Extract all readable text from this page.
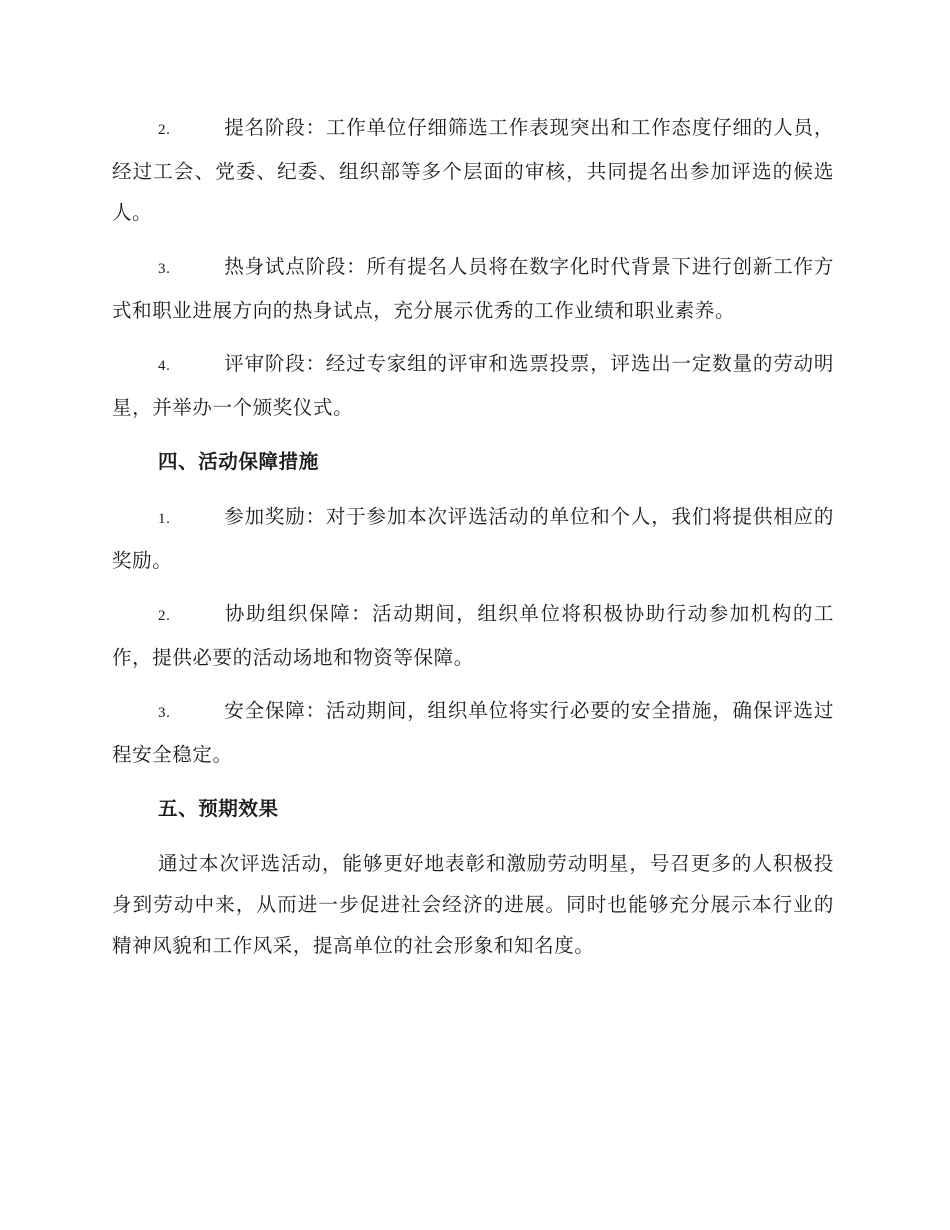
2.	提名阶段：工作单位仔细筛选工作表现突出和工作态度仔细的人员，经过工会、党委、纪委、组织部等多个层面的审核，共同提名出参加评选的候选人。
3.	热身试点阶段：所有提名人员将在数字化时代背景下进行创新工作方式和职业进展方向的热身试点，充分展示优秀的工作业绩和职业素养。
4.	评审阶段：经过专家组的评审和选票投票，评选出一定数量的劳动明星，并举办一个颁奖仪式。
四、活动保障措施
1.	参加奖励：对于参加本次评选活动的单位和个人，我们将提供相应的奖励。
2.	协助组织保障：活动期间，组织单位将积极协助行动参加机构的工作，提供必要的活动场地和物资等保障。
3.	安全保障：活动期间，组织单位将实行必要的安全措施，确保评选过程安全稳定。
五、预期效果
通过本次评选活动，能够更好地表彰和激励劳动明星，号召更多的人积极投身到劳动中来，从而进一步促进社会经济的进展。同时也能够充分展示本行业的精神风貌和工作风采，提高单位的社会形象和知名度。
